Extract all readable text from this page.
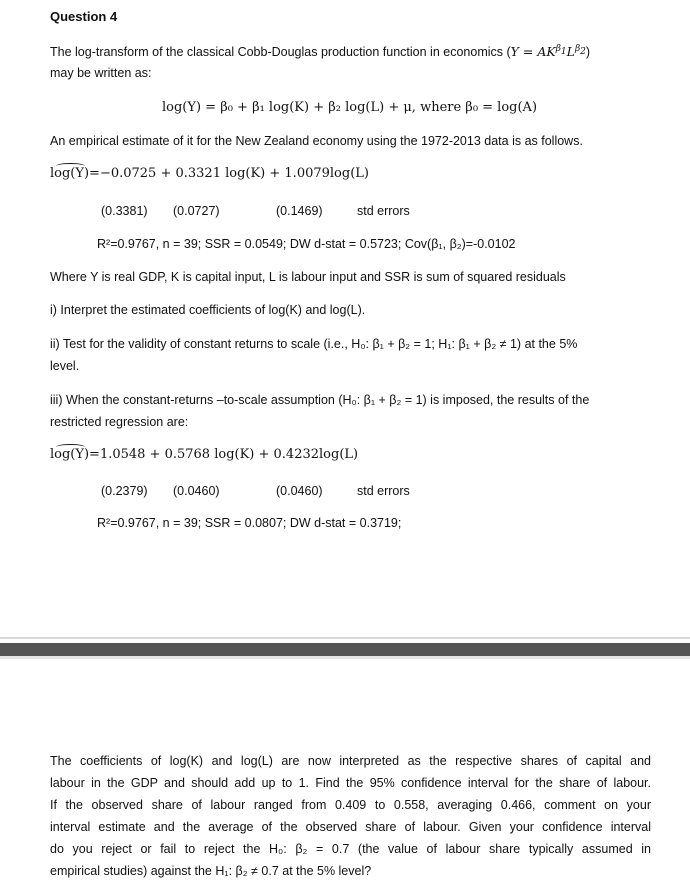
Question 4
The log-transform of the classical Cobb-Douglas production function in economics $(Y = AK^{\beta_1}L^{\beta_2})$
may be written as:
log(Y) = β₀ + β₁ log(K) + β₂ log(L) + μ, where β₀ = log(A)
An empirical estimate of it for the New Zealand economy using the 1972-2013 data is as follows.
log(Y)=−0.0725 + 0.3321 log(K) + 1.0079log(L)
(0.3381) (0.0727)	(0.1469)	std errors
R²=0.9767, n = 39; SSR = 0.0549; DW d-stat = 0.5723; Cov(β₁, β₂)=-0.0102
Where Y is real GDP, K is capital input, L is labour input and SSR is sum of squared residuals
i) Interpret the estimated coefficients of log(K) and log(L).
ii) Test for the validity of constant returns to scale (i.e., H₀: β₁ + β₂ = 1; H₁: β₁ + β₂ ≠ 1) at the 5%
level.
iii) When the constant-returns –to-scale assumption (H₀: β₁ + β₂ = 1) is imposed, the results of the
restricted regression are:
log(Y)=1.0548 + 0.5768 log(K) + 0.4232log(L)
(0.2379) (0.0460)	(0.0460)	std errors
R²=0.9767, n = 39; SSR = 0.0807; DW d-stat = 0.3719;
The coefficients of log(K) and log(L) are now interpreted as the respective shares of capital and
labour in the GDP and should add up to 1. Find the 95% confidence interval for the share of labour.
If the observed share of labour ranged from 0.409 to 0.558, averaging 0.466, comment on your
interval estimate and the average of the observed share of labour. Given your confidence interval
do you reject or fail to reject the H₀: β₂ = 0.7 (the value of labour share typically assumed in
empirical studies) against the H₁: β₂ ≠ 0.7 at the 5% level?
